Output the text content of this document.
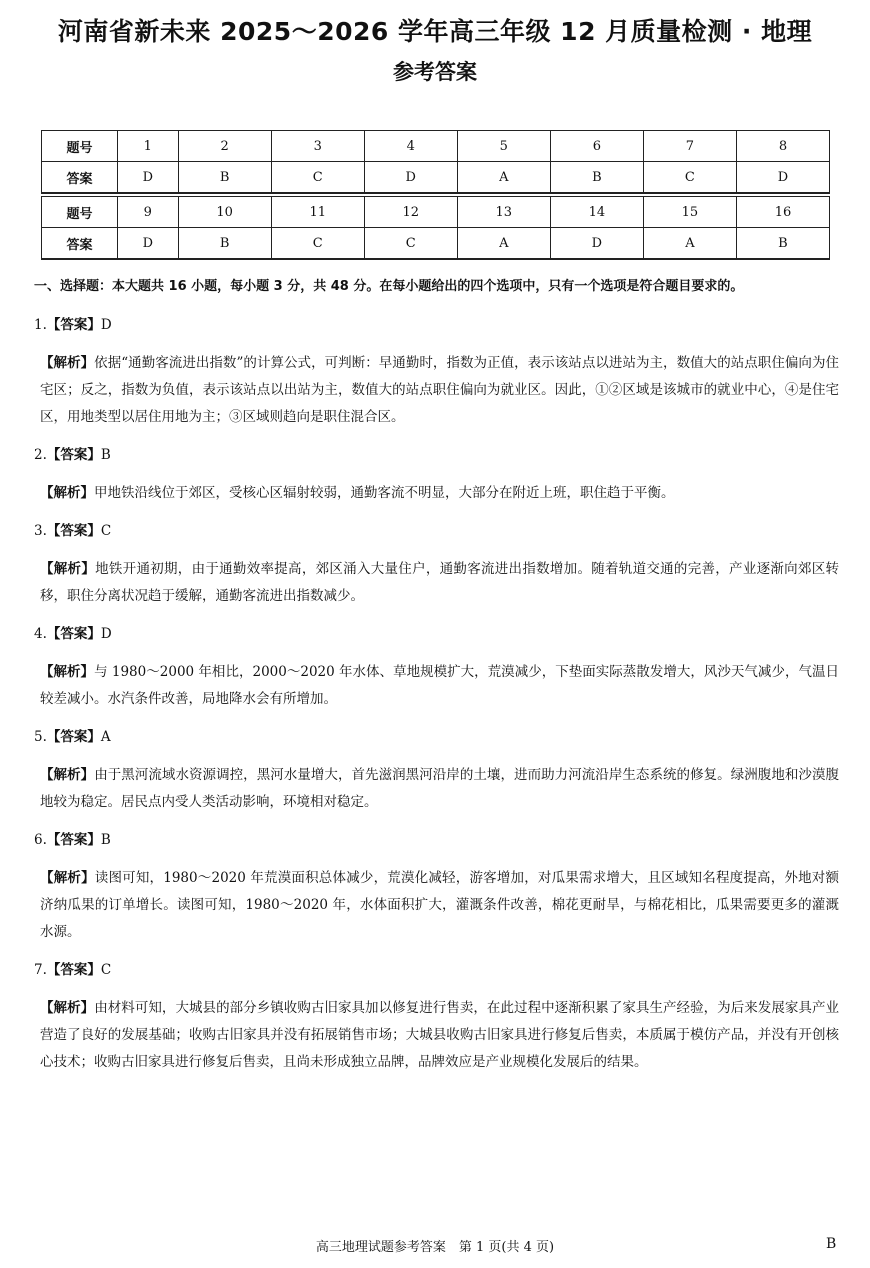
河南省新未来 2025～2026 学年高三年级 12 月质量检测 · 地理
参考答案
题号	1	2	3	4	5	6	7	8
答案	D	B	C	D	A	B	C	D

题号	9	10	11	12	13	14	15	16
答案	D	B	C	C	A	D	A	B
一、选择题：本大题共 16 小题，每小题 3 分，共 48 分。在每小题给出的四个选项中，只有一个选项是符合题目要求的。
1.【答案】D
【解析】依据“通勤客流进出指数”的计算公式，可判断：早通勤时，指数为正值，表示该站点以进站为主，数值大的站点职住偏向为住宅区；反之，指数为负值，表示该站点以出站为主，数值大的站点职住偏向为就业区。因此，①②区域是该城市的就业中心，④是住宅区，用地类型以居住用地为主；③区域则趋向是职住混合区。
2.【答案】B
【解析】甲地铁沿线位于郊区，受核心区辐射较弱，通勤客流不明显，大部分在附近上班，职住趋于平衡。
3.【答案】C
【解析】地铁开通初期，由于通勤效率提高，郊区涌入大量住户，通勤客流进出指数增加。随着轨道交通的完善，产业逐渐向郊区转移，职住分离状况趋于缓解，通勤客流进出指数减少。
4.【答案】D
【解析】与 1980～2000 年相比，2000～2020 年水体、草地规模扩大，荒漠减少，下垫面实际蒸散发增大，风沙天气减少，气温日较差减小。水汽条件改善，局地降水会有所增加。
5.【答案】A
【解析】由于黑河流域水资源调控，黑河水量增大，首先滋润黑河沿岸的土壤，进而助力河流沿岸生态系统的修复。绿洲腹地和沙漠腹地较为稳定。居民点内受人类活动影响，环境相对稳定。
6.【答案】B
【解析】读图可知，1980～2020 年荒漠面积总体减少，荒漠化减轻，游客增加，对瓜果需求增大，且区域知名程度提高，外地对额济纳瓜果的订单增长。读图可知，1980～2020 年，水体面积扩大，灌溉条件改善，棉花更耐旱，与棉花相比，瓜果需要更多的灌溉水源。
7.【答案】C
【解析】由材料可知，大城县的部分乡镇收购古旧家具加以修复进行售卖，在此过程中逐渐积累了家具生产经验，为后来发展家具产业营造了良好的发展基础；收购古旧家具并没有拓展销售市场；大城县收购古旧家具进行修复后售卖，本质属于模仿产品，并没有开创核心技术；收购古旧家具进行修复后售卖，且尚未形成独立品牌，品牌效应是产业规模化发展后的结果。
高三地理试题参考答案　第 1 页(共 4 页)	B
